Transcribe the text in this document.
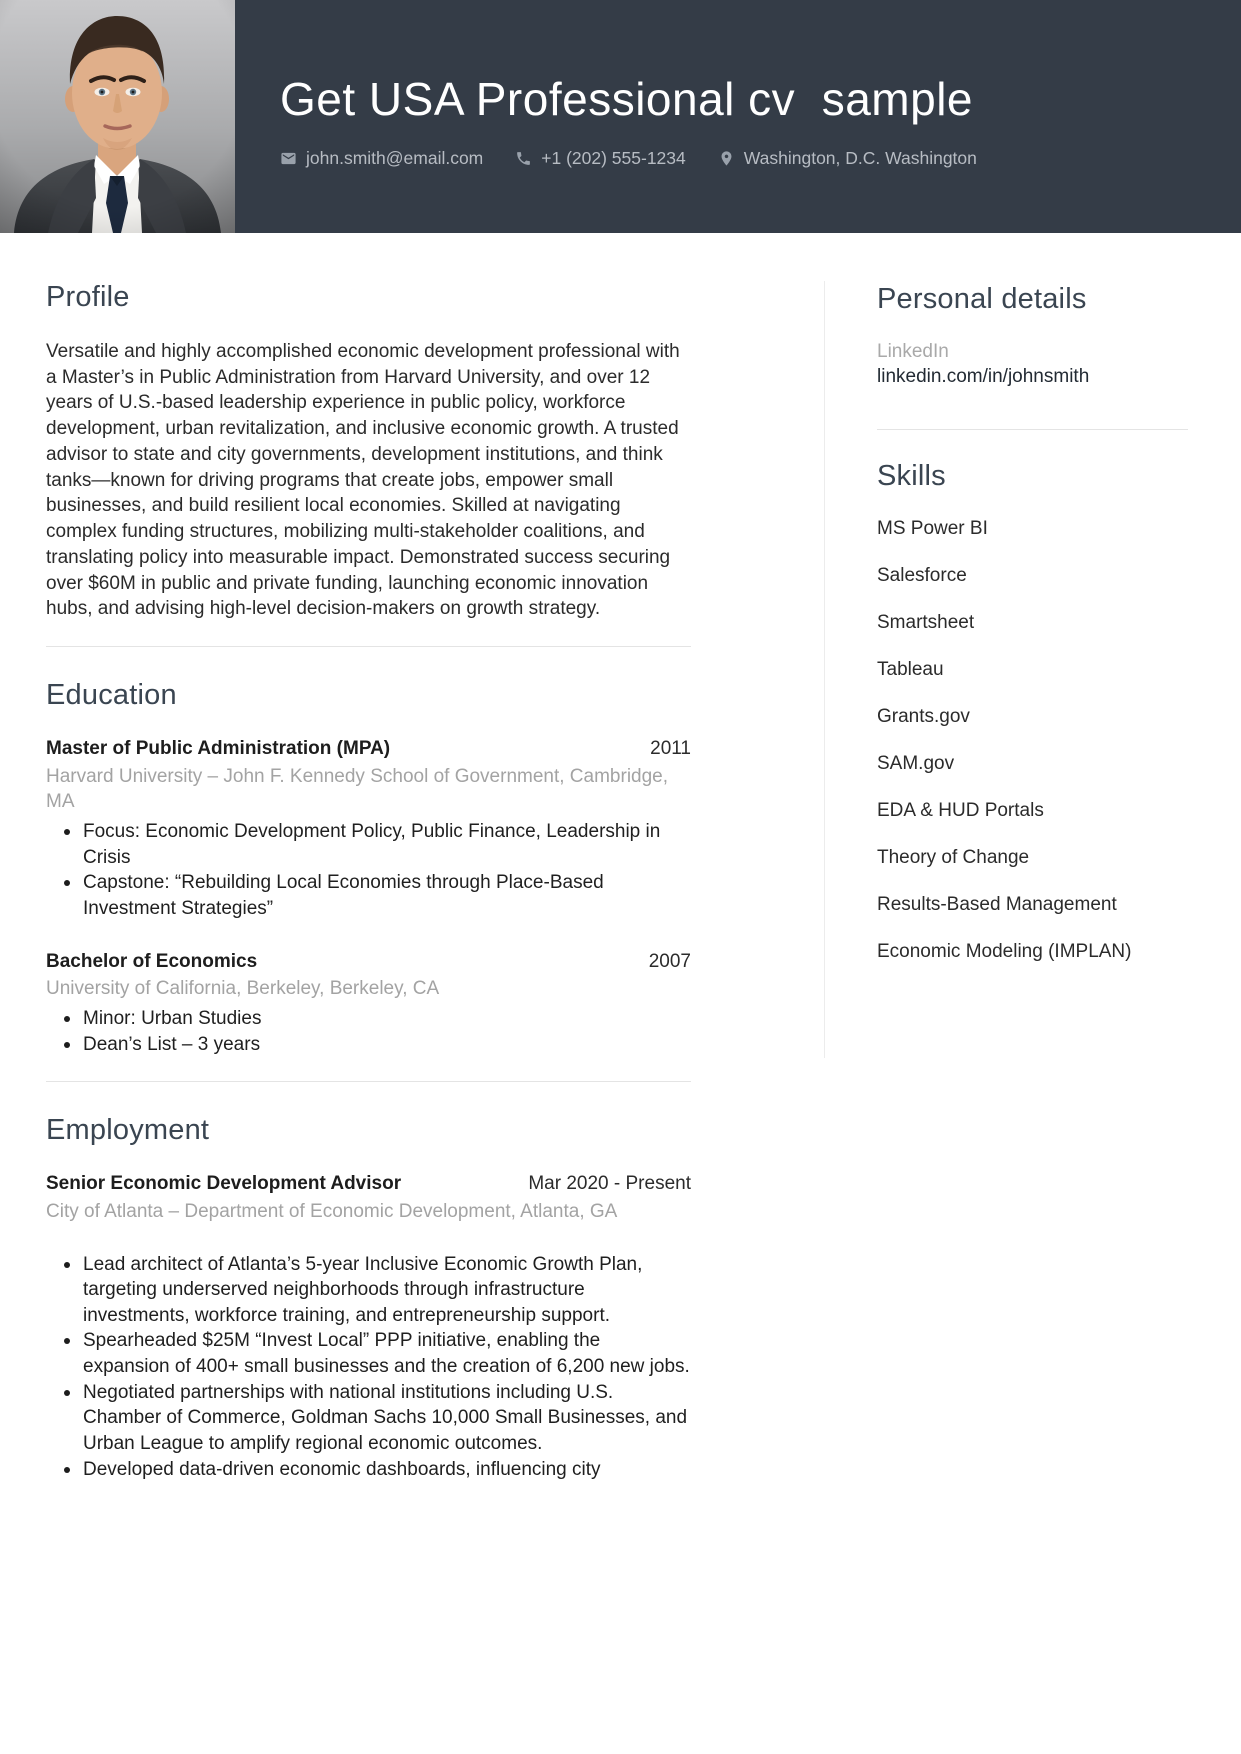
Get USA Professional cv  sample
john.smith@email.com	+1 (202) 555-1234	Washington, D.C. Washington
Profile

Versatile and highly accomplished economic development professional with a Master’s in Public Administration from Harvard University, and over 12 years of U.S.-based leadership experience in public policy, workforce development, urban revitalization, and inclusive economic growth. A trusted advisor to state and city governments, development institutions, and think tanks—known for driving programs that create jobs, empower small businesses, and build resilient local economies. Skilled at navigating complex funding structures, mobilizing multi-stakeholder coalitions, and translating policy into measurable impact. Demonstrated success securing over $60M in public and private funding, launching economic innovation hubs, and advising high-level decision-makers on growth strategy.

Education
Master of Public Administration (MPA)	2011
Harvard University – John F. Kennedy School of Government, Cambridge, MA
Focus: Economic Development Policy, Public Finance, Leadership in Crisis
Capstone: “Rebuilding Local Economies through Place-Based Investment Strategies”
Bachelor of Economics	2007
University of California, Berkeley, Berkeley, CA
Minor: Urban Studies
Dean’s List – 3 years
Employment
Senior Economic Development Advisor	Mar 2020 - Present
City of Atlanta – Department of Economic Development, Atlanta, GA
Lead architect of Atlanta’s 5-year Inclusive Economic Growth Plan, targeting underserved neighborhoods through infrastructure investments, workforce training, and entrepreneurship support.
Spearheaded $25M “Invest Local” PPP initiative, enabling the expansion of 400+ small businesses and the creation of 6,200 new jobs.
Negotiated partnerships with national institutions including U.S. Chamber of Commerce, Goldman Sachs 10,000 Small Businesses, and Urban League to amplify regional economic outcomes.
Developed data-driven economic dashboards, influencing city
Personal details
LinkedIn
linkedin.com/in/johnsmith
Skills
MS Power BI
Salesforce
Smartsheet
Tableau
Grants.gov
SAM.gov
EDA & HUD Portals
Theory of Change
Results-Based Management
Economic Modeling (IMPLAN)
